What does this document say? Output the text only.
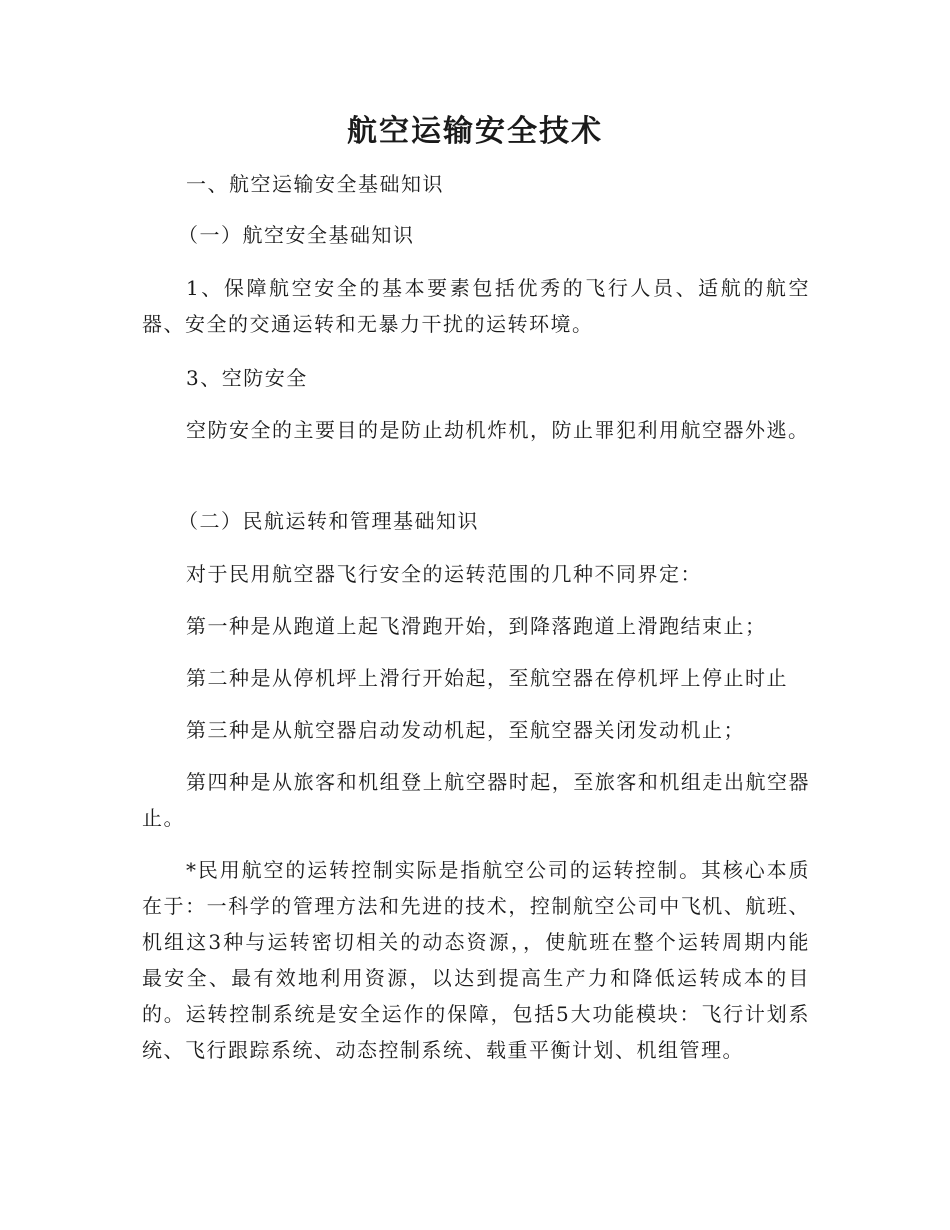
航空运输安全技术
一、航空运输安全基础知识
（一）航空安全基础知识
1、保障航空安全的基本要素包括优秀的飞行人员、适航的航空器、安全的交通运转和无暴力干扰的运转环境。
3、空防安全
空防安全的主要目的是防止劫机炸机，防止罪犯利用航空器外逃。
（二）民航运转和管理基础知识
对于民用航空器飞行安全的运转范围的几种不同界定：
第一种是从跑道上起飞滑跑开始，到降落跑道上滑跑结束止；
第二种是从停机坪上滑行开始起，至航空器在停机坪上停止时止
第三种是从航空器启动发动机起，至航空器关闭发动机止；
第四种是从旅客和机组登上航空器时起，至旅客和机组走出航空器止。
*民用航空的运转控制实际是指航空公司的运转控制。其核心本质在于：一科学的管理方法和先进的技术，控制航空公司中飞机、航班、机组这3种与运转密切相关的动态资源，，使航班在整个运转周期内能最安全、最有效地利用资源，以达到提高生产力和降低运转成本的目的。运转控制系统是安全运作的保障，包括5大功能模块：飞行计划系统、飞行跟踪系统、动态控制系统、载重平衡计划、机组管理。
